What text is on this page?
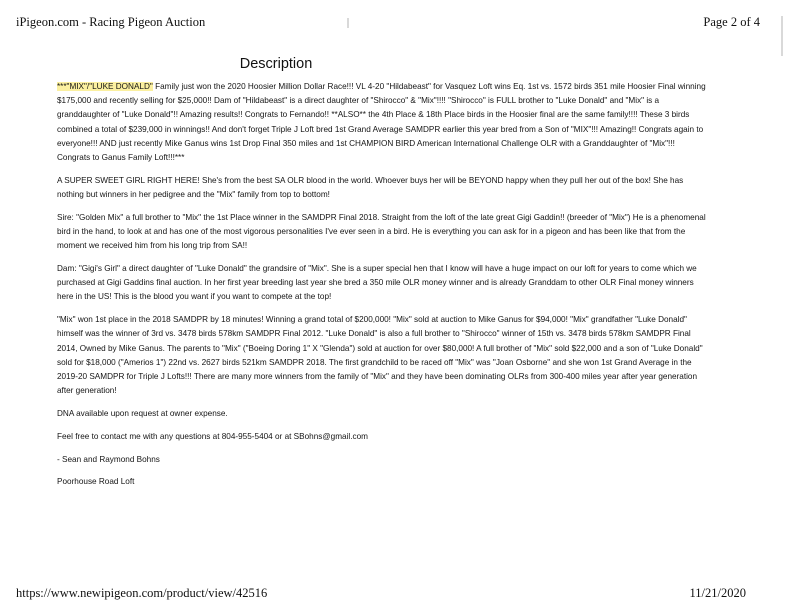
iPigeon.com - Racing Pigeon Auction	Page 2 of 4
Description

***"MIX"/"LUKE DONALD" Family just won the 2020 Hoosier Million Dollar Race!!! VL 4-20 "Hildabeast" for Vasquez Loft wins Eq. 1st vs. 1572 birds 351 mile Hoosier Final winning $175,000 and recently selling for $25,000!! Dam of "Hildabeast" is a direct daughter of "Shirocco" & "Mix"!!!! "Shirocco" is FULL brother to "Luke Donald" and "Mix" is a granddaughter of "Luke Donald"!! Amazing results!! Congrats to Fernando!! **ALSO** the 4th Place & 18th Place birds in the Hoosier final are the same family!!!! These 3 birds combined a total of $239,000 in winnings!! And don't forget Triple J Loft bred 1st Grand Average SAMDPR earlier this year bred from a Son of "MIX"!!! Amazing!! Congrats again to everyone!!! AND just recently Mike Ganus wins 1st Drop Final 350 miles and 1st CHAMPION BIRD American International Challenge OLR with a Granddaughter of "Mix"!!! Congrats to Ganus Family Loft!!!***

A SUPER SWEET GIRL RIGHT HERE! She's from the best SA OLR blood in the world. Whoever buys her will be BEYOND happy when they pull her out of the box! She has nothing but winners in her pedigree and the "Mix" family from top to bottom!

Sire: "Golden Mix" a full brother to "Mix" the 1st Place winner in the SAMDPR Final 2018. Straight from the loft of the late great Gigi Gaddin!! (breeder of "Mix") He is a phenomenal bird in the hand, to look at and has one of the most vigorous personalities I've ever seen in a bird. He is everything you can ask for in a pigeon and has been like that from the moment we received him from his long trip from SA!!

Dam: "Gigi's Girl" a direct daughter of "Luke Donald" the grandsire of "Mix". She is a super special hen that I know will have a huge impact on our loft for years to come which we purchased at Gigi Gaddins final auction. In her first year breeding last year she bred a 350 mile OLR money winner and is already Granddam to other OLR Final money winners here in the US! This is the blood you want if you want to compete at the top!

"Mix" won 1st place in the 2018 SAMDPR by 18 minutes! Winning a grand total of $200,000! "Mix" sold at auction to Mike Ganus for $94,000! "Mix" grandfather "Luke Donald" himself was the winner of 3rd vs. 3478 birds 578km SAMDPR Final 2012. "Luke Donald" is also a full brother to "Shirocco" winner of 15th vs. 3478 birds 578km SAMDPR Final 2014, Owned by Mike Ganus. The parents to "Mix" ("Boeing Doring 1" X "Glenda") sold at auction for over $80,000! A full brother of "Mix" sold $22,000 and a son of "Luke Donald" sold for $18,000 ("Amerios 1") 22nd vs. 2627 birds 521km SAMDPR 2018. The first grandchild to be raced off "Mix" was "Joan Osborne" and she won 1st Grand Average in the 2019-20 SAMDPR for Triple J Lofts!!! There are many more winners from the family of "Mix" and they have been dominating OLRs from 300-400 miles year after year generation after generation!

DNA available upon request at owner expense.

Feel free to contact me with any questions at 804-955-5404 or at SBohns@gmail.com

- Sean and Raymond Bohns

Poorhouse Road Loft

https://www.newipigeon.com/product/view/42516	11/21/2020
